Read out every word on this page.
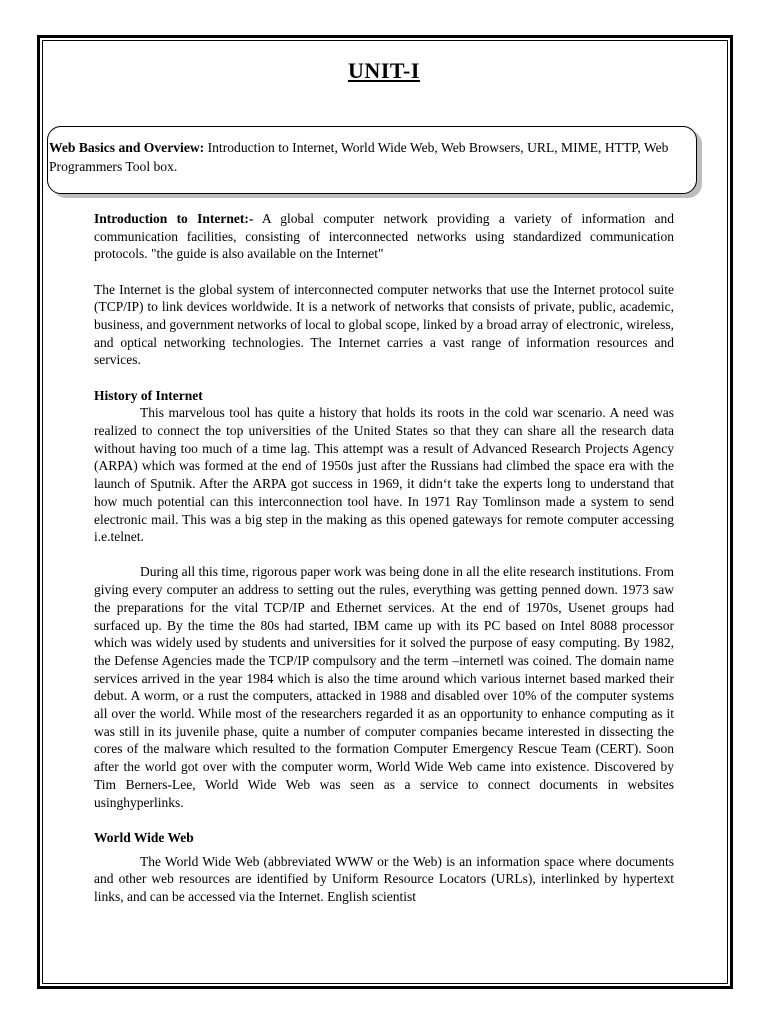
UNIT-I
Web Basics and Overview: Introduction to Internet, World Wide Web, Web Browsers, URL, MIME, HTTP, Web Programmers Tool box.

Introduction to Internet:- A global computer network providing a variety of information and communication facilities, consisting of interconnected networks using standardized communication protocols. "the guide is also available on the Internet"

The Internet is the global system of interconnected computer networks that use the Internet protocol suite (TCP/IP) to link devices worldwide. It is a network of networks that consists of private, public, academic, business, and government networks of local to global scope, linked by a broad array of electronic, wireless, and optical networking technologies. The Internet carries a vast range of information resources and services.

History of Internet

This marvelous tool has quite a history that holds its roots in the cold war scenario. A need was realized to connect the top universities of the United States so that they can share all the research data without having too much of a time lag. This attempt was a result of Advanced Research Projects Agency (ARPA) which was formed at the end of 1950s just after the Russians had climbed the space era with the launch of Sputnik. After the ARPA got success in 1969, it didn‘t take the experts long to understand that how much potential can this interconnection tool have. In 1971 Ray Tomlinson made a system to send electronic mail. This was a big step in the making as this opened gateways for remote computer accessing i.e.telnet.

During all this time, rigorous paper work was being done in all the elite research institutions. From giving every computer an address to setting out the rules, everything was getting penned down. 1973 saw the preparations for the vital TCP/IP and Ethernet services. At the end of 1970s, Usenet groups had surfaced up. By the time the 80s had started, IBM came up with its PC based on Intel 8088 processor which was widely used by students and universities for it solved the purpose of easy computing. By 1982, the Defense Agencies made the TCP/IP compulsory and the term –internet‖ was coined. The domain name services arrived in the year 1984 which is also the time around which various internet based marked their debut. A worm, or a rust the computers, attacked in 1988 and disabled over 10% of the computer systems all over the world. While most of the researchers regarded it as an opportunity to enhance computing as it was still in its juvenile phase, quite a number of computer companies became interested in dissecting the cores of the malware which resulted to the formation Computer Emergency Rescue Team (CERT). Soon after the world got over with the computer worm, World Wide Web came into existence. Discovered by Tim Berners-Lee, World Wide Web was seen as a service to connect documents in websites usinghyperlinks.

World Wide Web

The World Wide Web (abbreviated WWW or the Web) is an information space where documents and other web resources are identified by Uniform Resource Locators (URLs), interlinked by hypertext links, and can be accessed via the Internet. English scientist
